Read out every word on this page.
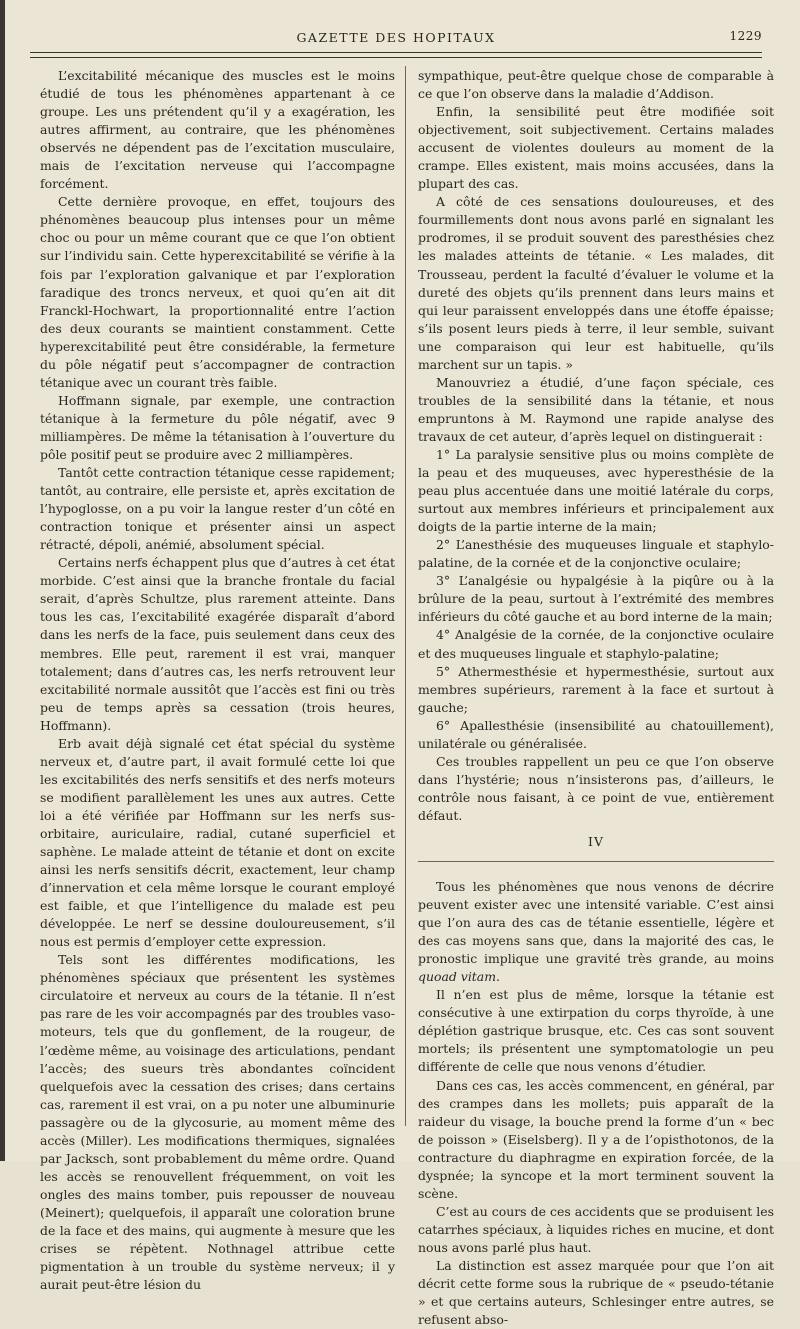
GAZETTE DES HOPITAUX	1229

L’excitabilité mécanique des muscles est le moins étudié de tous les phénomènes appartenant à ce groupe. Les uns prétendent qu’il y a exagération, les autres affirment, au contraire, que les phénomènes observés ne dépendent pas de l’excitation musculaire, mais de l’excitation nerveuse qui l’accompagne forcément.

Cette dernière provoque, en effet, toujours des phénomènes beaucoup plus intenses pour un même choc ou pour un même courant que ce que l’on obtient sur l’individu sain. Cette hyperexcitabilité se vérifie à la fois par l’exploration galvanique et par l’exploration faradique des troncs nerveux, et quoi qu’en ait dit Franckl-Hochwart, la proportionnalité entre l’action des deux courants se maintient constamment. Cette hyperexcitabilité peut être considérable, la fermeture du pôle négatif peut s’accompagner de contraction tétanique avec un courant très faible.

Hoffmann signale, par exemple, une contraction tétanique à la fermeture du pôle négatif, avec 9 milliampères. De même la tétanisation à l’ouverture du pôle positif peut se produire avec 2 milliampères.

Tantôt cette contraction tétanique cesse rapidement; tantôt, au contraire, elle persiste et, après excitation de l’hypoglosse, on a pu voir la langue rester d’un côté en contraction tonique et présenter ainsi un aspect rétracté, dépoli, anémié, absolument spécial.

Certains nerfs échappent plus que d’autres à cet état morbide. C’est ainsi que la branche frontale du facial serait, d’après Schultze, plus rarement atteinte. Dans tous les cas, l’excitabilité exagérée disparaît d’abord dans les nerfs de la face, puis seulement dans ceux des membres. Elle peut, rarement il est vrai, manquer totalement; dans d’autres cas, les nerfs retrouvent leur excitabilité normale aussitôt que l’accès est fini ou très peu de temps après sa cessation (trois heures, Hoffmann).

Erb avait déjà signalé cet état spécial du système nerveux et, d’autre part, il avait formulé cette loi que les excitabilités des nerfs sensitifs et des nerfs moteurs se modifient parallèlement les unes aux autres. Cette loi a été vérifiée par Hoffmann sur les nerfs sus-orbitaire, auriculaire, radial, cutané superficiel et saphène. Le malade atteint de tétanie et dont on excite ainsi les nerfs sensitifs décrit, exactement, leur champ d’innervation et cela même lorsque le courant employé est faible, et que l’intelligence du malade est peu développée. Le nerf se dessine douloureusement, s’il nous est permis d’employer cette expression.

Tels sont les différentes modifications, les phénomènes spéciaux que présentent les systèmes circulatoire et nerveux au cours de la tétanie. Il n’est pas rare de les voir accompagnés par des troubles vaso-moteurs, tels que du gonflement, de la rougeur, de l’œdème même, au voisinage des articulations, pendant l’accès; des sueurs très abondantes coïncident quelquefois avec la cessation des crises; dans certains cas, rarement il est vrai, on a pu noter une albuminurie passagère ou de la glycosurie, au moment même des accès (Miller). Les modifications thermiques, signalées par Jacksch, sont probablement du même ordre. Quand les accès se renouvellent fréquemment, on voit les ongles des mains tomber, puis repousser de nouveau (Meinert); quelquefois, il apparaît une coloration brune de la face et des mains, qui augmente à mesure que les crises se répètent. Nothnagel attribue cette pigmentation à un trouble du système nerveux; il y aurait peut-être lésion du

sympathique, peut-être quelque chose de comparable à ce que l’on observe dans la maladie d’Addison.

Enfin, la sensibilité peut être modifiée soit objectivement, soit subjectivement. Certains malades accusent de violentes douleurs au moment de la crampe. Elles existent, mais moins accusées, dans la plupart des cas.

A côté de ces sensations douloureuses, et des fourmillements dont nous avons parlé en signalant les prodromes, il se produit souvent des paresthésies chez les malades atteints de tétanie. « Les malades, dit Trousseau, perdent la faculté d’évaluer le volume et la dureté des objets qu’ils prennent dans leurs mains et qui leur paraissent enveloppés dans une étoffe épaisse; s’ils posent leurs pieds à terre, il leur semble, suivant une comparaison qui leur est habituelle, qu’ils marchent sur un tapis. »

Manouvriez a étudié, d’une façon spéciale, ces troubles de la sensibilité dans la tétanie, et nous empruntons à M. Raymond une rapide analyse des travaux de cet auteur, d’après lequel on distinguerait :

1° La paralysie sensitive plus ou moins complète de la peau et des muqueuses, avec hyperesthésie de la peau plus accentuée dans une moitié latérale du corps, surtout aux membres inférieurs et principalement aux doigts de la partie interne de la main;

2° L’anesthésie des muqueuses linguale et staphylo-palatine, de la cornée et de la conjonctive oculaire;

3° L’analgésie ou hypalgésie à la piqûre ou à la brûlure de la peau, surtout à l’extrémité des membres inférieurs du côté gauche et au bord interne de la main;

4° Analgésie de la cornée, de la conjonctive oculaire et des muqueuses linguale et staphylo-palatine;

5° Athermesthésie et hypermesthésie, surtout aux membres supérieurs, rarement à la face et surtout à gauche;

6° Apallesthésie (insensibilité au chatouillement), unilatérale ou généralisée.

Ces troubles rappellent un peu ce que l’on observe dans l’hystérie; nous n’insisterons pas, d’ailleurs, le contrôle nous faisant, à ce point de vue, entièrement défaut.

IV

Tous les phénomènes que nous venons de décrire peuvent exister avec une intensité variable. C’est ainsi que l’on aura des cas de tétanie essentielle, légère et des cas moyens sans que, dans la majorité des cas, le pronostic implique une gravité très grande, au moins quoad vitam.

Il n’en est plus de même, lorsque la tétanie est consécutive à une extirpation du corps thyroïde, à une déplétion gastrique brusque, etc. Ces cas sont souvent mortels; ils présentent une symptomatologie un peu différente de celle que nous venons d’étudier.

Dans ces cas, les accès commencent, en général, par des crampes dans les mollets; puis apparaît de la raideur du visage, la bouche prend la forme d’un « bec de poisson » (Eiselsberg). Il y a de l’opisthotonos, de la contracture du diaphragme en expiration forcée, de la dyspnée; la syncope et la mort terminent souvent la scène.

C’est au cours de ces accidents que se produisent les catarrhes spéciaux, à liquides riches en mucine, et dont nous avons parlé plus haut.

La distinction est assez marquée pour que l’on ait décrit cette forme sous la rubrique de « pseudo-tétanie » et que certains auteurs, Schlesinger entre autres, se refusent abso-
